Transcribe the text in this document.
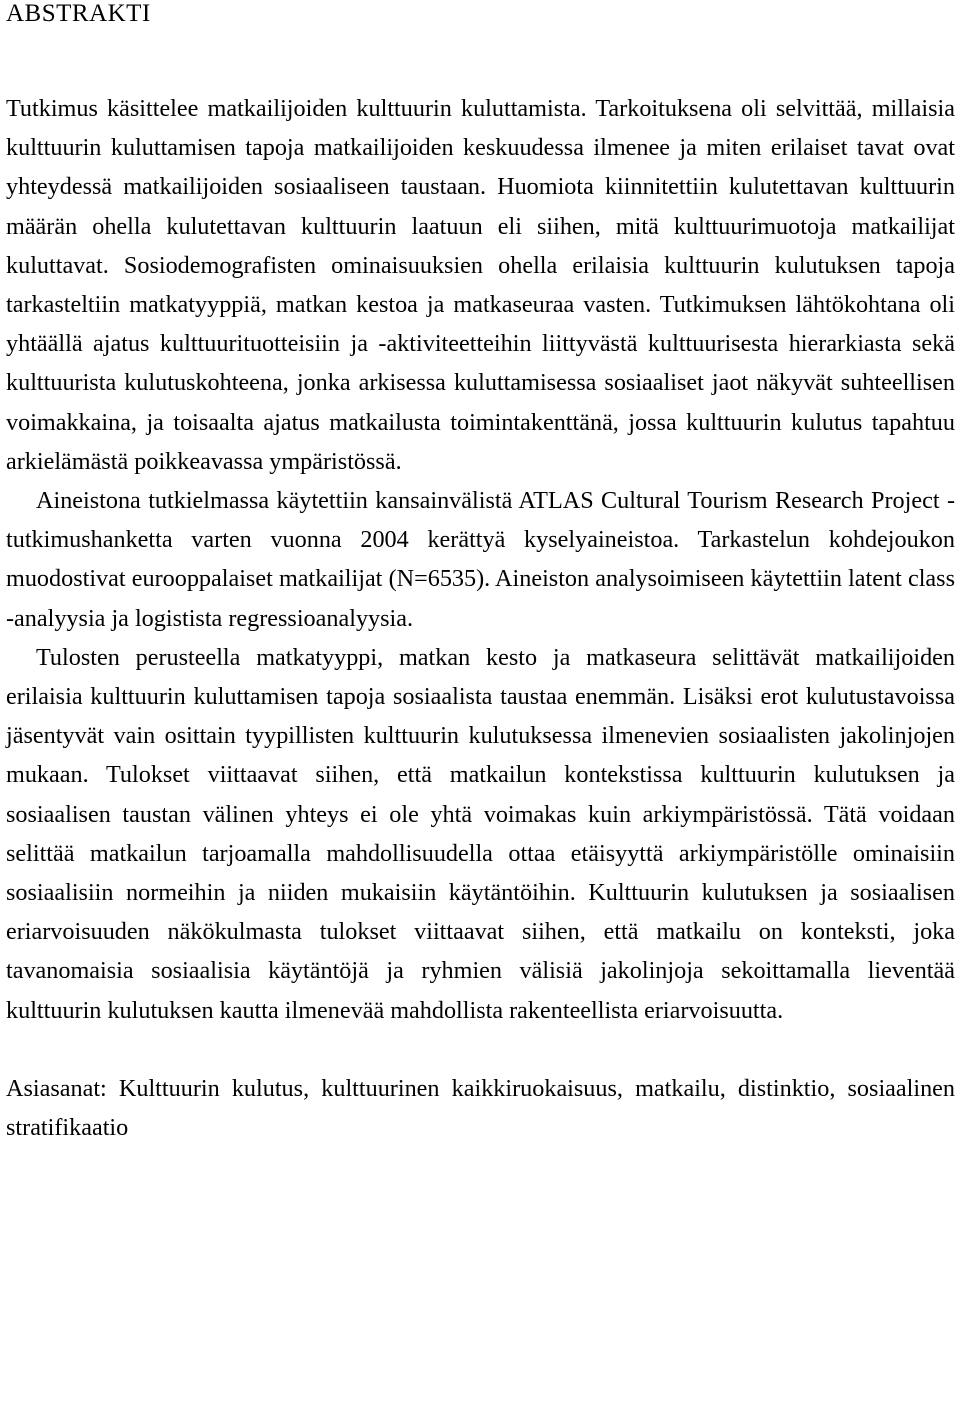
ABSTRAKTI

Tutkimus käsittelee matkailijoiden kulttuurin kuluttamista. Tarkoituksena oli selvittää, millaisia kulttuurin kuluttamisen tapoja matkailijoiden keskuudessa ilmenee ja miten erilaiset tavat ovat yhteydessä matkailijoiden sosiaaliseen taustaan. Huomiota kiinnitettiin kulutettavan kulttuurin määrän ohella kulutettavan kulttuurin laatuun eli siihen, mitä kulttuurimuotoja matkailijat kuluttavat. Sosiodemografisten ominaisuuksien ohella erilaisia kulttuurin kulutuksen tapoja tarkasteltiin matkatyyppiä, matkan kestoa ja matkaseuraa vasten. Tutkimuksen lähtökohtana oli yhtäällä ajatus kulttuurituotteisiin ja -aktiviteetteihin liittyvästä kulttuurisesta hierarkiasta sekä kulttuurista kulutuskohteena, jonka arkisessa kuluttamisessa sosiaaliset jaot näkyvät suhteellisen voimakkaina, ja toisaalta ajatus matkailusta toimintakenttänä, jossa kulttuurin kulutus tapahtuu arkielämästä poikkeavassa ympäristössä.

Aineistona tutkielmassa käytettiin kansainvälistä ATLAS Cultural Tourism Research Project -tutkimushanketta varten vuonna 2004 kerättyä kyselyaineistoa. Tarkastelun kohdejoukon muodostivat eurooppalaiset matkailijat (N=6535). Aineiston analysoimiseen käytettiin latent class -analyysia ja logistista regressioanalyysia.

Tulosten perusteella matkatyyppi, matkan kesto ja matkaseura selittävät matkailijoiden erilaisia kulttuurin kuluttamisen tapoja sosiaalista taustaa enemmän. Lisäksi erot kulutustavoissa jäsentyvät vain osittain tyypillisten kulttuurin kulutuksessa ilmenevien sosiaalisten jakolinjojen mukaan. Tulokset viittaavat siihen, että matkailun kontekstissa kulttuurin kulutuksen ja sosiaalisen taustan välinen yhteys ei ole yhtä voimakas kuin arkiympäristössä. Tätä voidaan selittää matkailun tarjoamalla mahdollisuudella ottaa etäisyyttä arkiympäristölle ominaisiin sosiaalisiin normeihin ja niiden mukaisiin käytäntöihin. Kulttuurin kulutuksen ja sosiaalisen eriarvoisuuden näkökulmasta tulokset viittaavat siihen, että matkailu on konteksti, joka tavanomaisia sosiaalisia käytäntöjä ja ryhmien välisiä jakolinjoja sekoittamalla lieventää kulttuurin kulutuksen kautta ilmenevää mahdollista rakenteellista eriarvoisuutta.

Asiasanat: Kulttuurin kulutus, kulttuurinen kaikkiruokaisuus, matkailu, distinktio, sosiaalinen stratifikaatio
